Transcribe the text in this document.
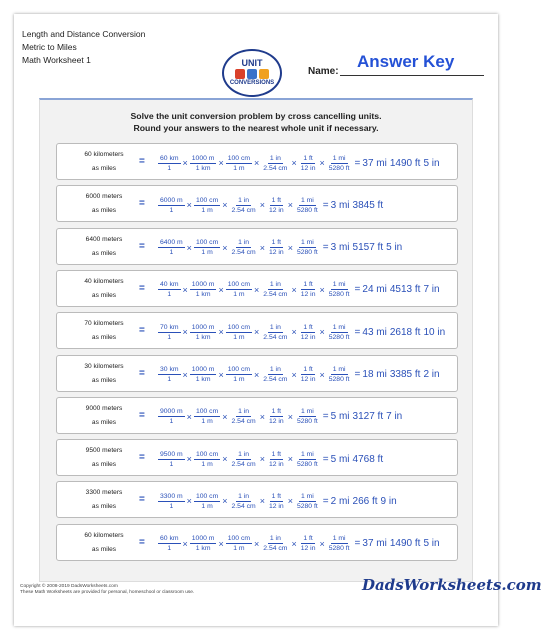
Length and Distance Conversion
Metric to Miles
Math Worksheet 1	UNIT
CONVERSIONS
Name:
Answer Key
Solve the unit conversion problem by cross cancelling units.
Round your answers to the nearest whole unit if necessary.
60 kilometers
as miles
= $\frac{60 km}{1} \times \frac{1000 m}{1 km} \times \frac{100 cm}{1 m} \times \frac{1 in}{2.54 cm} \times \frac{1 ft}{12 in} \times \frac{1 mi}{5280 ft} = 37$ mi 1490 ft 5 in
6000 meters
as miles
= $\frac{6000 m}{1} \times \frac{100 cm}{1 m} \times \frac{1 in}{2.54 cm} \times \frac{1 ft}{12 in} \times \frac{1 mi}{5280 ft} = 3$ mi 3845 ft
6400 meters
as miles
= $\frac{6400 m}{1} \times \frac{100 cm}{1 m} \times \frac{1 in}{2.54 cm} \times \frac{1 ft}{12 in} \times \frac{1 mi}{5280 ft} = 3$ mi 5157 ft 5 in
40 kilometers
as miles
= $\frac{40 km}{1} \times \frac{1000 m}{1 km} \times \frac{100 cm}{1 m} \times \frac{1 in}{2.54 cm} \times \frac{1 ft}{12 in} \times \frac{1 mi}{5280 ft} = 24$ mi 4513 ft 7 in
70 kilometers
as miles
= $\frac{70 km}{1} \times \frac{1000 m}{1 km} \times \frac{100 cm}{1 m} \times \frac{1 in}{2.54 cm} \times \frac{1 ft}{12 in} \times \frac{1 mi}{5280 ft} = 43$ mi 2618 ft 10 in
30 kilometers
as miles
= $\frac{30 km}{1} \times \frac{1000 m}{1 km} \times \frac{100 cm}{1 m} \times \frac{1 in}{2.54 cm} \times \frac{1 ft}{12 in} \times \frac{1 mi}{5280 ft} = 18$ mi 3385 ft 2 in
9000 meters
as miles
= $\frac{9000 m}{1} \times \frac{100 cm}{1 m} \times \frac{1 in}{2.54 cm} \times \frac{1 ft}{12 in} \times \frac{1 mi}{5280 ft} = 5$ mi 3127 ft 7 in
9500 meters
as miles
= $\frac{9500 m}{1} \times \frac{100 cm}{1 m} \times \frac{1 in}{2.54 cm} \times \frac{1 ft}{12 in} \times \frac{1 mi}{5280 ft} = 5$ mi 4768 ft
3300 meters
as miles
= $\frac{3300 m}{1} \times \frac{100 cm}{1 m} \times \frac{1 in}{2.54 cm} \times \frac{1 ft}{12 in} \times \frac{1 mi}{5280 ft} = 2$ mi 266 ft 9 in
60 kilometers
as miles
= $\frac{60 km}{1} \times \frac{1000 m}{1 km} \times \frac{100 cm}{1 m} \times \frac{1 in}{2.54 cm} \times \frac{1 ft}{12 in} \times \frac{1 mi}{5280 ft} = 37$ mi 1490 ft 5 in
Copyright © 2008-2019 DadsWorksheets.com
These Math Worksheets are provided for personal, homeschool or classroom use.	DadsWorksheets.com
